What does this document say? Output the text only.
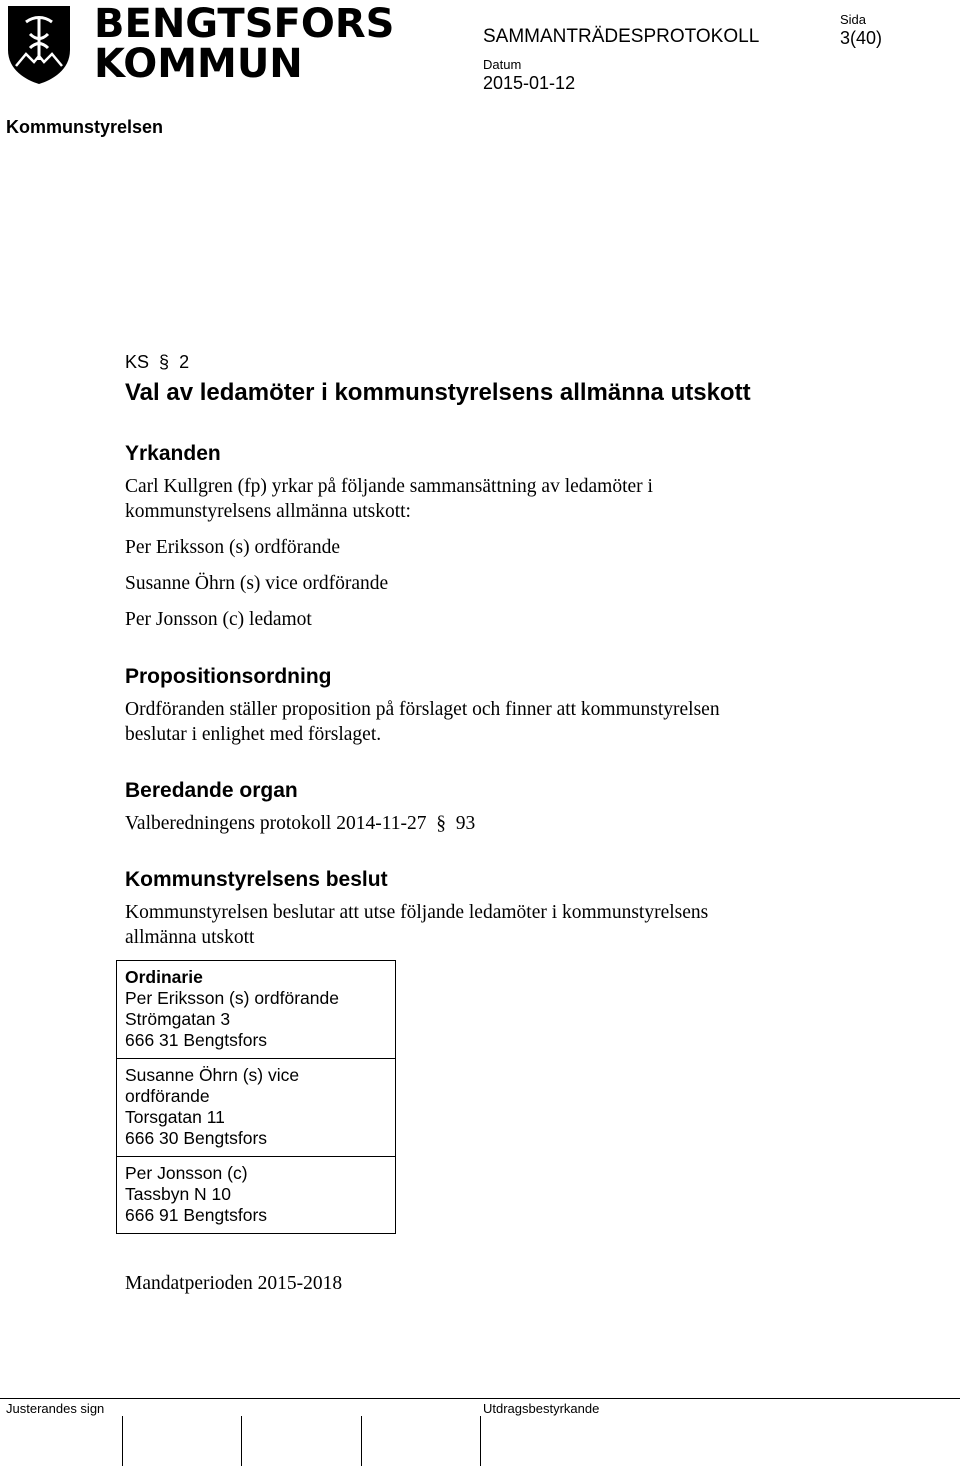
BENGTSFORS
KOMMUN
SAMMANTRÄDESPROTOKOLL
Sida
3(40)
Datum
2015-01-12
Kommunstyrelsen
KS  §  2
Val av ledamöter i kommunstyrelsens allmänna utskott
Yrkanden
Carl Kullgren (fp) yrkar på följande sammansättning av ledamöter i
kommunstyrelsens allmänna utskott:
Per Eriksson (s) ordförande
Susanne Öhrn (s) vice ordförande
Per Jonsson (c) ledamot
Propositionsordning
Ordföranden ställer proposition på förslaget och finner att kommunstyrelsen
beslutar i enlighet med förslaget.
Beredande organ
Valberedningens protokoll 2014-11-27  §  93
Kommunstyrelsens beslut
Kommunstyrelsen beslutar att utse följande ledamöter i kommunstyrelsens
allmänna utskott
Ordinarie
Per Eriksson (s) ordförande
Strömgatan 3
666 31 Bengtsfors
Susanne Öhrn (s) vice
ordförande
Torsgatan 11
666 30 Bengtsfors
Per Jonsson (c)
Tassbyn N 10
666 91 Bengtsfors
Mandatperioden 2015-2018
Justerandes sign	Utdragsbestyrkande
